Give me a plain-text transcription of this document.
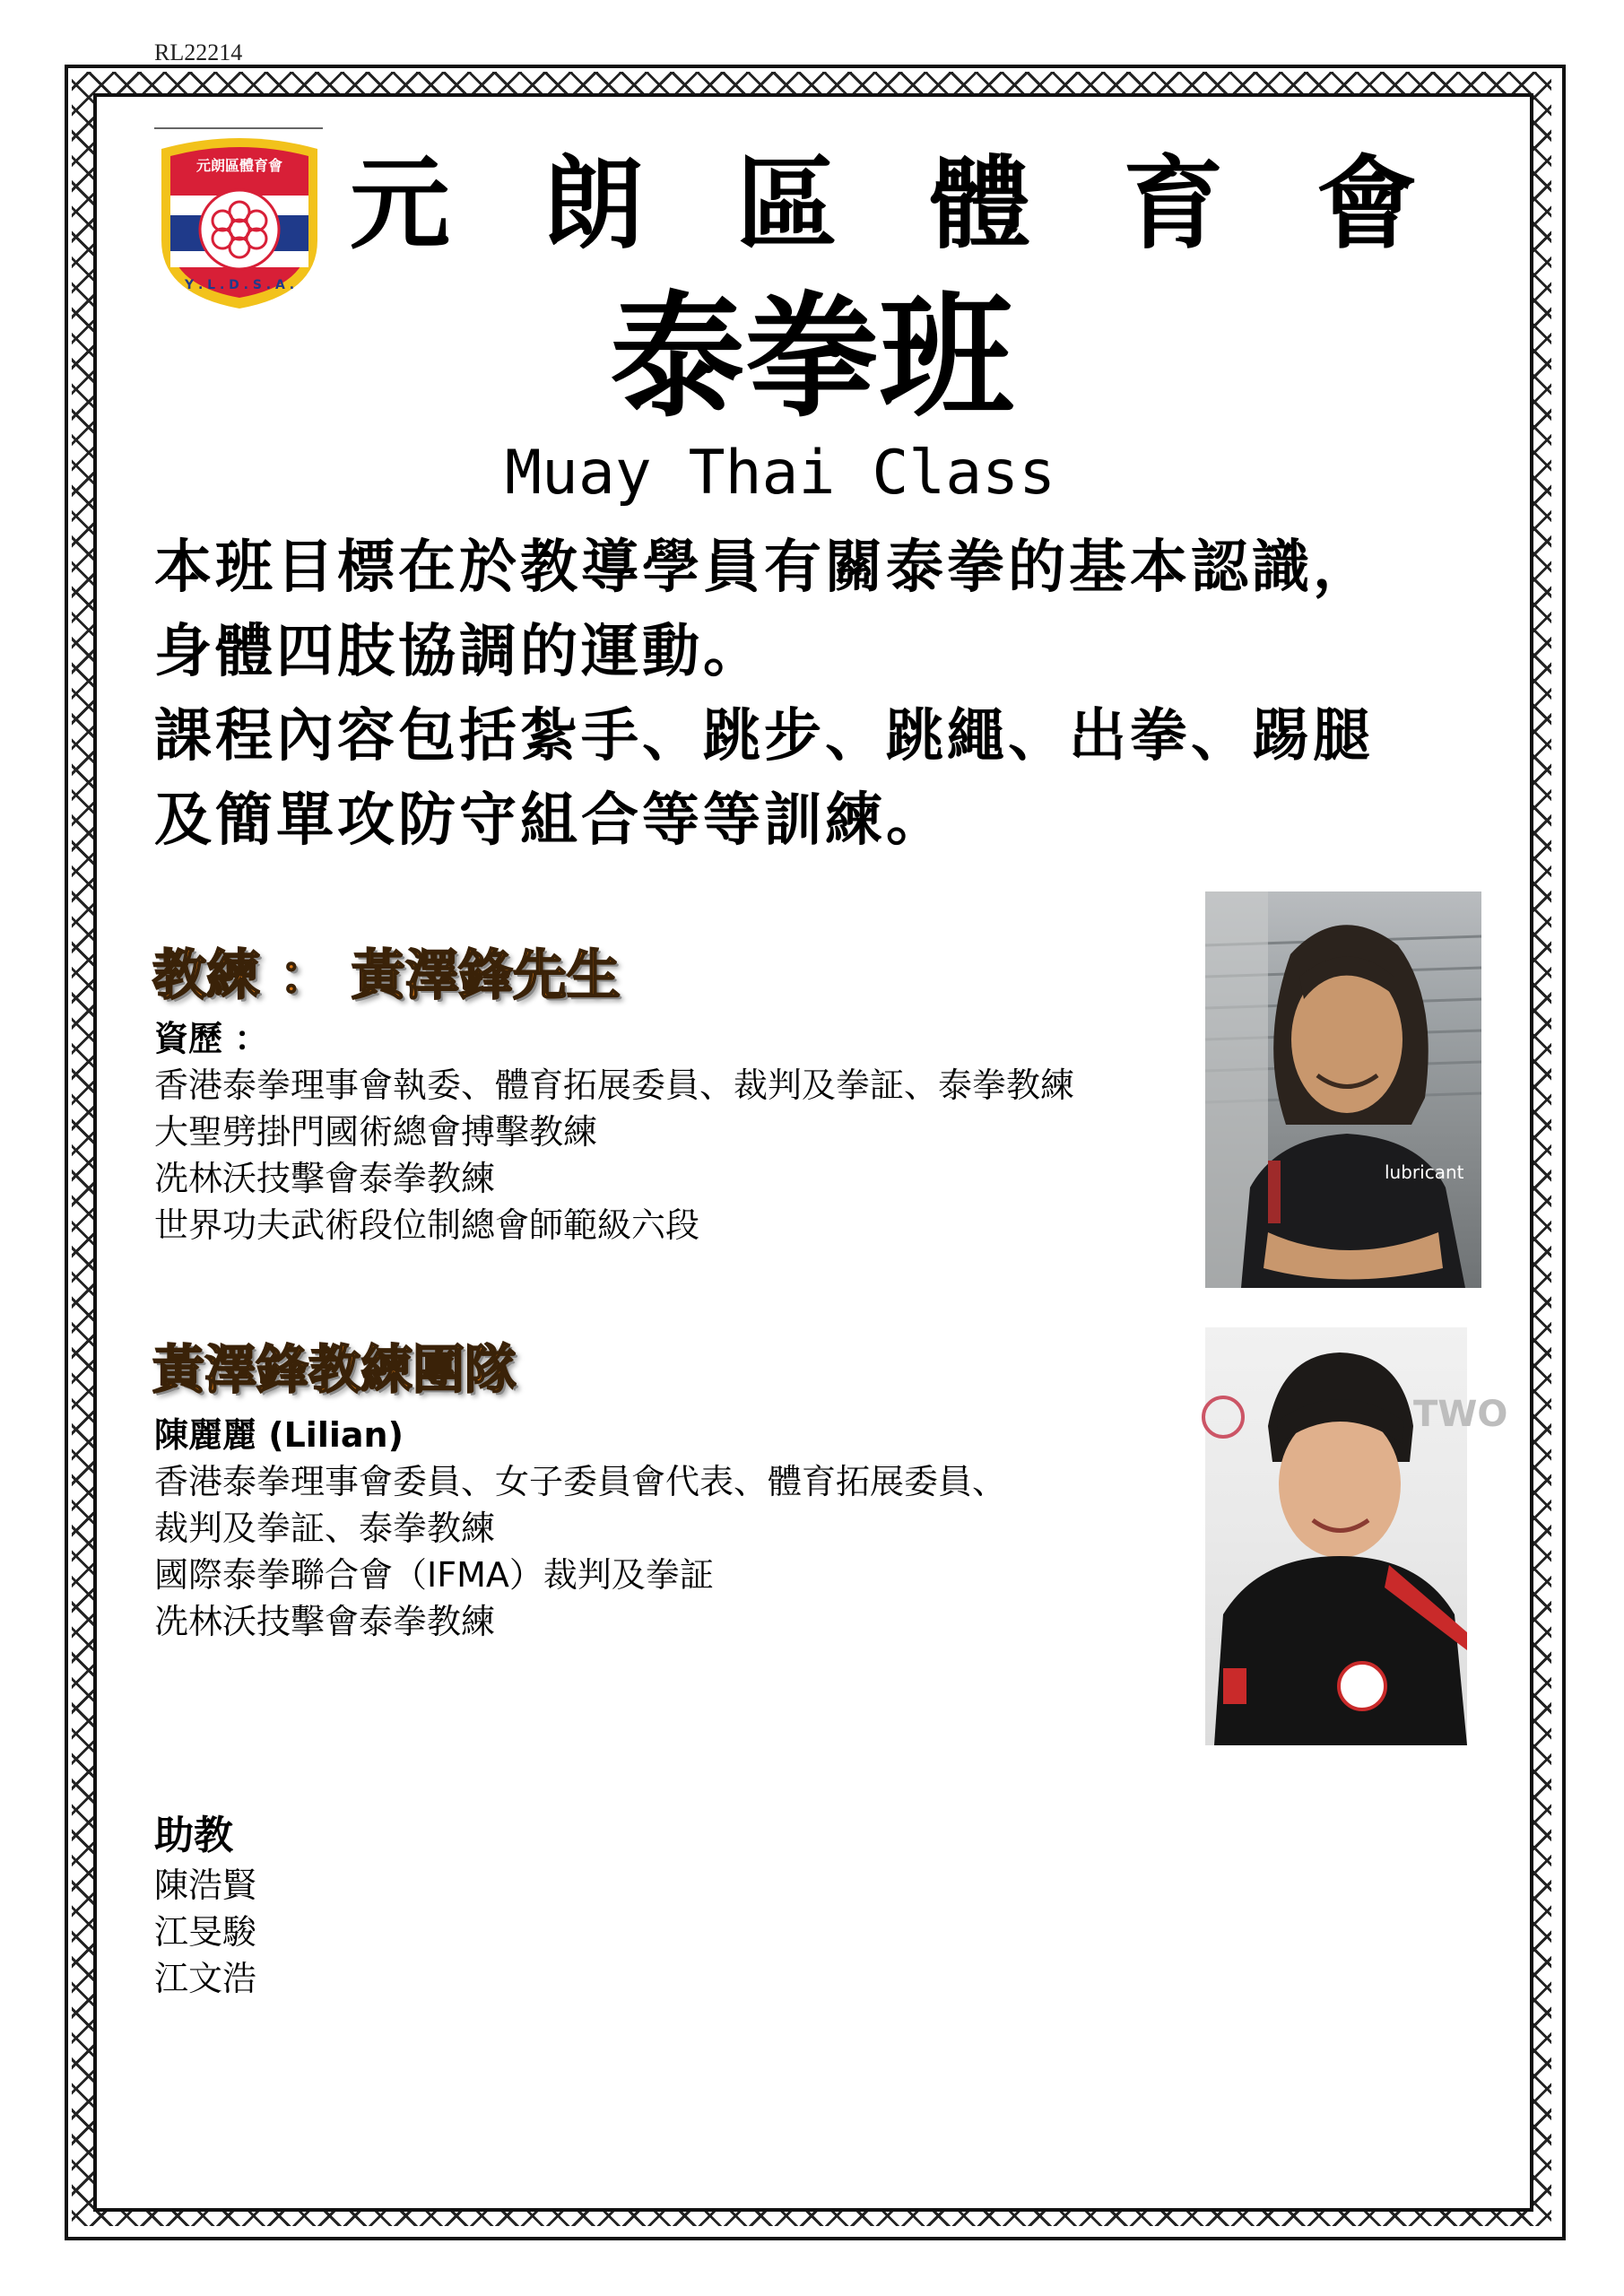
RL22214
元朗區體育會
Y . L . D . S . A .
元 朗 區 體 育 會
泰拳班
Muay Thai Class

本班目標在於教導學員有關泰拳的基本認識，

身體四肢協調的運動。

課程內容包括紮手、跳步、跳繩、出拳、踢腿

及簡單攻防守組合等等訓練。

教練 ： 黃澤鋒先生

資歷 ：

香港泰拳理事會執委、體育拓展委員、裁判及拳証、泰拳教練

大聖劈掛門國術總會搏擊教練

冼林沃技擊會泰拳教練

世界功夫武術段位制總會師範級六段

lubricant
黃澤鋒教練團隊

陳麗麗 (Lilian)

香港泰拳理事會委員、女子委員會代表、體育拓展委員、

裁判及拳証、泰拳教練

國際泰拳聯合會（IFMA）裁判及拳証

冼林沃技擊會泰拳教練

TWO

助教

陳浩賢

江旻駿

江文浩
